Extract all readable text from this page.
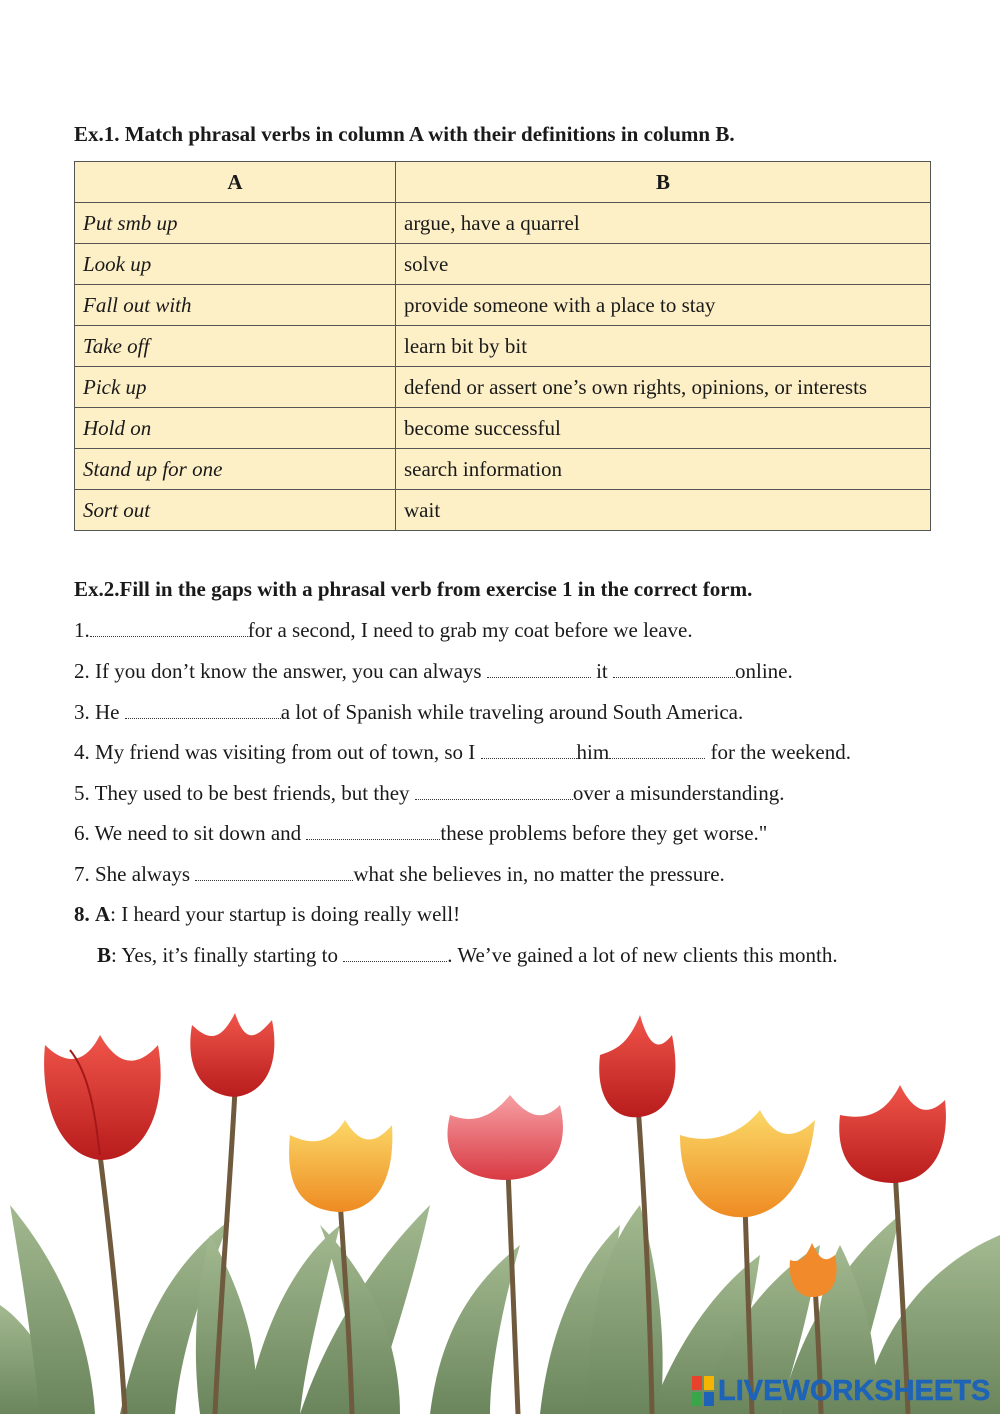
Ex.1. Match phrasal verbs in column A with their definitions in column B.
A	B
Put smb up	argue, have a quarrel
Look up	solve
Fall out with	provide someone with a place to stay
Take off	learn bit by bit
Pick up	defend or assert one’s own rights, opinions, or interests
Hold on	become successful
Stand up for one	search information
Sort out	wait
Ex.2.Fill in the gaps with a phrasal verb from exercise 1 in the correct form.

1.	for a second, I need to grab my coat before we leave.

2. If you don’t know the answer, you can always	it	online.

3. He	a lot of Spanish while traveling around South America.

4. My friend was visiting from out of town, so I	him	for the weekend.

5. They used to be best friends, but they	over a misunderstanding.

6. We need to sit down and	these problems before they get worse."

7. She always	what she believes in, no matter the pressure.

8. A: I heard your startup is doing really well!

B: Yes, it’s finally starting to	. We’ve gained a lot of new clients this month.

LIVEWORKSHEETS
